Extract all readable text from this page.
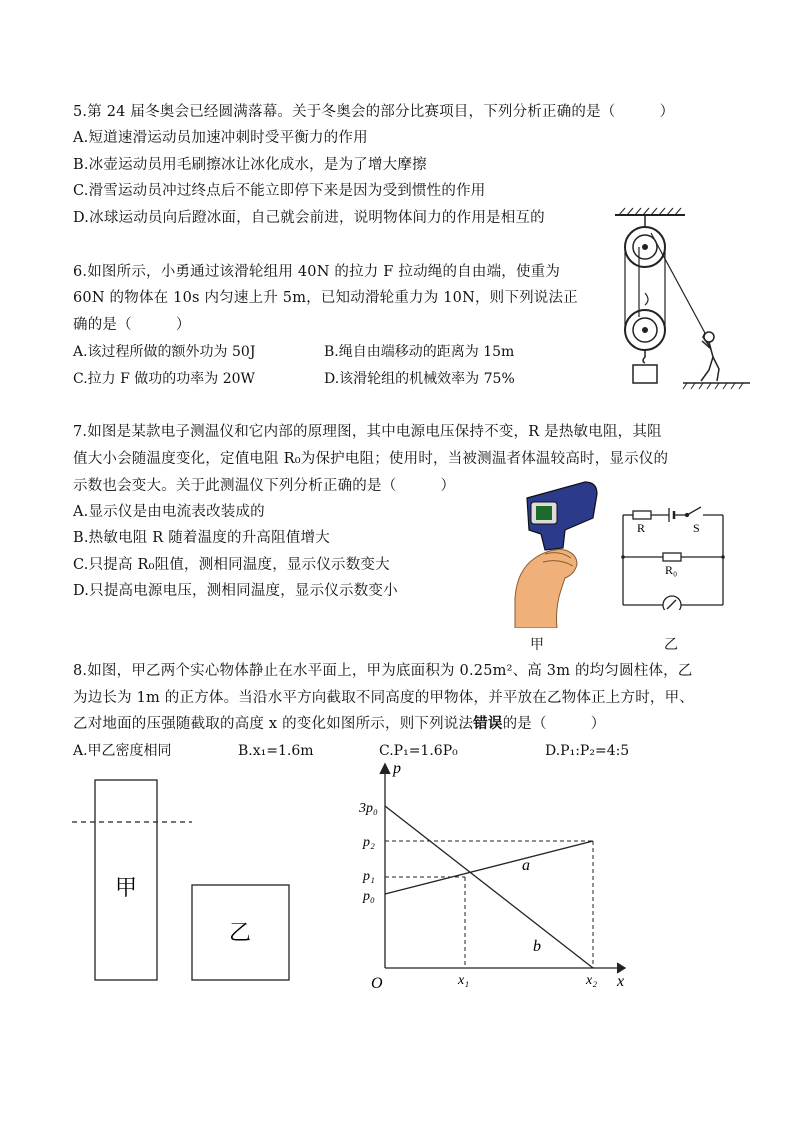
5.第 24 届冬奥会已经圆满落幕。关于冬奥会的部分比赛项目，下列分析正确的是（　　　）
A.短道速滑运动员加速冲刺时受平衡力的作用
B.冰壶运动员用毛刷擦冰让冰化成水，是为了增大摩擦
C.滑雪运动员冲过终点后不能立即停下来是因为受到惯性的作用
D.冰球运动员向后蹬冰面，自己就会前进，说明物体间力的作用是相互的
6.如图所示，小勇通过该滑轮组用 40N 的拉力 F 拉动绳的自由端，使重为
60N 的物体在 10s 内匀速上升 5m，已知动滑轮重力为 10N，则下列说法正
确的是（　　　）
A.该过程所做的额外功为 50J	B.绳自由端移动的距离为 15m
C.拉力 F 做功的功率为 20W	D.该滑轮组的机械效率为 75%
7.如图是某款电子测温仪和它内部的原理图，其中电源电压保持不变，R 是热敏电阻，其阻
值大小会随温度变化，定值电阻 R₀为保护电阻；使用时，当被测温者体温较高时，显示仪的
示数也会变大。关于此测温仪下列分析正确的是（　　　）
A.显示仪是由电流表改装成的
B.热敏电阻 R 随着温度的升高阻值增大
C.只提高 R₀阻值，测相同温度，显示仪示数变大
D.只提高电源电压，测相同温度，显示仪示数变小
甲
R	S
R₀
乙
8.如图，甲乙两个实心物体静止在水平面上，甲为底面积为 0.25m²、高 3m 的均匀圆柱体，乙
为边长为 1m 的正方体。当沿水平方向截取不同高度的甲物体，并平放在乙物体正上方时，甲、
乙对地面的压强随截取的高度 x 的变化如图所示，则下列说法错误的是（　　　）
A.甲乙密度相同	B.x₁=1.6m	C.P₁=1.6P₀	D.P₁:P₂=4:5
甲
乙
p
x
O
3p₀
p₂
p₁
p₀
x₁	x₂
a
b
